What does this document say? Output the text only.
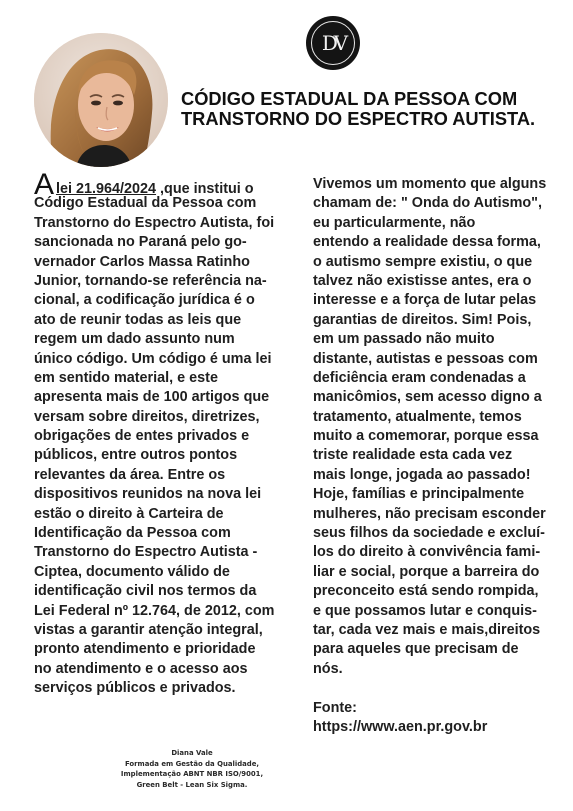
DV
CÓDIGO ESTADUAL DA PESSOA COM
TRANSTORNO DO ESPECTRO AUTISTA.
Alei 21.964/2024 ,que institui o
Código Estadual da Pessoa com
Transtorno do Espectro Autista, foi
sancionada no Paraná pelo go-
vernador Carlos Massa Ratinho
Junior, tornando-se referência na-
cional, a codificação jurídica é o
ato de reunir todas as leis que
regem um dado assunto num
único código. Um código é uma lei
em sentido material, e este
apresenta mais de 100 artigos que
versam sobre direitos, diretrizes,
obrigações de entes privados e
públicos, entre outros pontos
relevantes da área. Entre os
dispositivos reunidos na nova lei
estão o direito à Carteira de
Identificação da Pessoa com
Transtorno do Espectro Autista -
Ciptea, documento válido de
identificação civil nos termos da
Lei Federal nº 12.764, de 2012, com
vistas a garantir atenção integral,
pronto atendimento e prioridade
no atendimento e o acesso aos
serviços públicos e privados.
Vivemos um momento que alguns
chamam de: " Onda do Autismo",
eu particularmente, não
entendo a realidade dessa forma,
o autismo sempre existiu, o que
talvez não existisse antes, era o
interesse e a força de lutar pelas
garantias de direitos. Sim! Pois,
em um passado não muito
distante, autistas e pessoas com
deficiência eram condenadas a
manicômios, sem acesso digno a
tratamento, atualmente, temos
muito a comemorar, porque essa
triste realidade esta cada vez
mais longe, jogada ao passado!
Hoje, famílias e principalmente
mulheres, não precisam esconder
seus filhos da sociedade e excluí-
los do direito à convivência fami-
liar e social, porque a barreira do
preconceito está sendo rompida,
e que possamos lutar e conquis-
tar, cada vez mais e mais,direitos
para aqueles que precisam de
nós.
Fonte:
https://www.aen.pr.gov.br
Diana Vale
Formada em Gestão da Qualidade,
Implementação ABNT NBR ISO/9001,
Green Belt - Lean Six Sigma.
